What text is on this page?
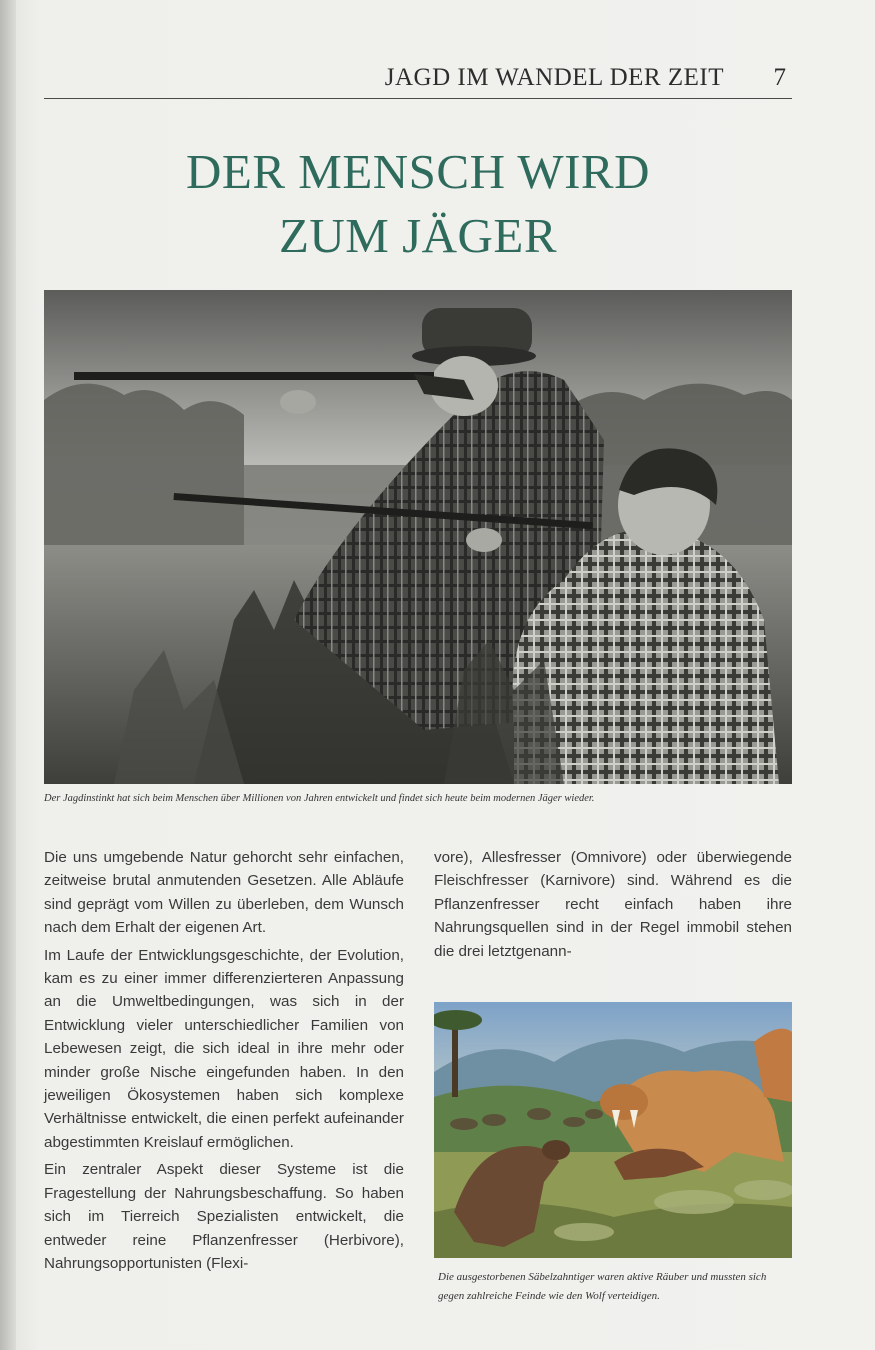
JAGD IM WANDEL DER ZEIT 7
DER MENSCH WIRD
ZUM JÄGER
Der Jagdinstinkt hat sich beim Menschen über Millionen von Jahren entwickelt und findet sich heute beim modernen Jäger wieder.

Die uns umgebende Natur gehorcht sehr einfachen, zeitweise brutal anmutenden Gesetzen. Alle Abläufe sind geprägt vom Willen zu überleben, dem Wunsch nach dem Erhalt der eigenen Art.

Im Laufe der Entwicklungsgeschichte, der Evolution, kam es zu einer immer differenzierteren Anpassung an die Umweltbedingungen, was sich in der Entwicklung vieler unterschiedlicher Familien von Lebewesen zeigt, die sich ideal in ihre mehr oder minder große Nische eingefunden haben. In den jeweiligen Ökosystemen haben sich komplexe Verhältnisse entwickelt, die einen perfekt aufeinander abgestimmten Kreislauf ermöglichen.

Ein zentraler Aspekt dieser Systeme ist die Fragestellung der Nahrungsbeschaffung. So haben sich im Tierreich Spezialisten entwickelt, die entweder reine Pflanzenfresser (Herbivore), Nahrungsopportunisten (Flexi-

vore), Allesfresser (Omnivore) oder überwiegende Fleischfresser (Karnivore) sind. Während es die Pflanzenfresser recht einfach haben ihre Nahrungsquellen sind in der Regel immobil stehen die drei letztgenann-

Die ausgestorbenen Säbelzahntiger waren aktive Räuber und mussten sich gegen zahlreiche Feinde wie den Wolf verteidigen.
